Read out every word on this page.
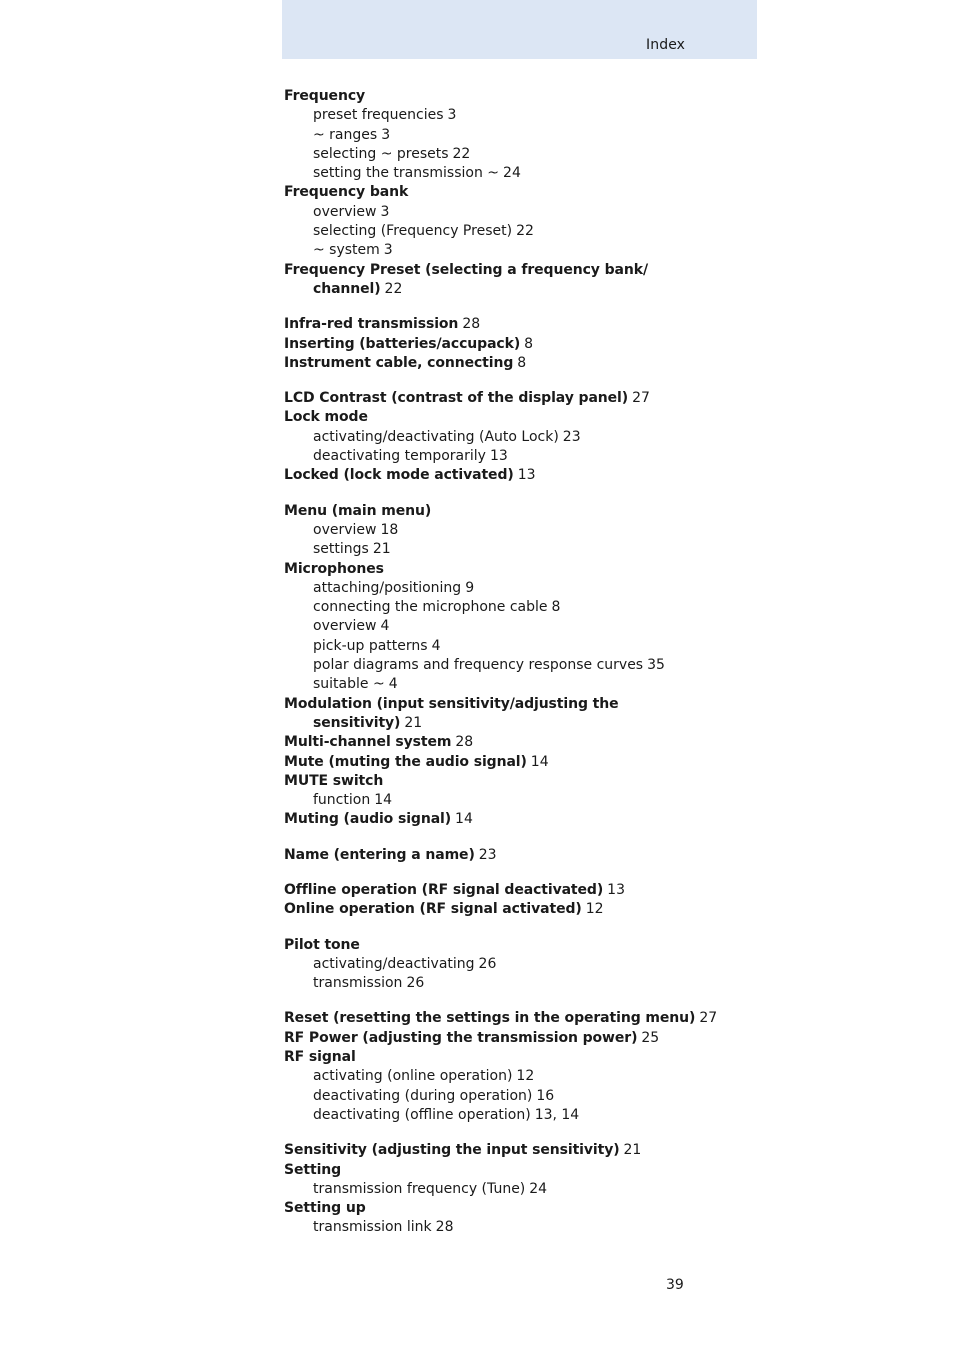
Index
Frequency
preset frequencies 3
~ ranges 3
selecting ~ presets 22
setting the transmission ~ 24
Frequency bank
overview 3
selecting (Frequency Preset) 22
~ system 3
Frequency Preset (selecting a frequency bank/
channel) 22
Infra-red transmission 28
Inserting (batteries/accupack) 8
Instrument cable, connecting 8
LCD Contrast (contrast of the display panel) 27
Lock mode
activating/deactivating (Auto Lock) 23
deactivating temporarily 13
Locked (lock mode activated) 13
Menu (main menu)
overview 18
settings 21
Microphones
attaching/positioning 9
connecting the microphone cable 8
overview 4
pick-up patterns 4
polar diagrams and frequency response curves 35
suitable ~ 4
Modulation (input sensitivity/adjusting the
sensitivity) 21
Multi-channel system 28
Mute (muting the audio signal) 14
MUTE switch
function 14
Muting (audio signal) 14
Name (entering a name) 23
Offline operation (RF signal deactivated) 13
Online operation (RF signal activated) 12
Pilot tone
activating/deactivating 26
transmission 26
Reset (resetting the settings in the operating menu) 27
RF Power (adjusting the transmission power) 25
RF signal
activating (online operation) 12
deactivating (during operation) 16
deactivating (offline operation) 13, 14
Sensitivity (adjusting the input sensitivity) 21
Setting
transmission frequency (Tune) 24
Setting up
transmission link 28
39
